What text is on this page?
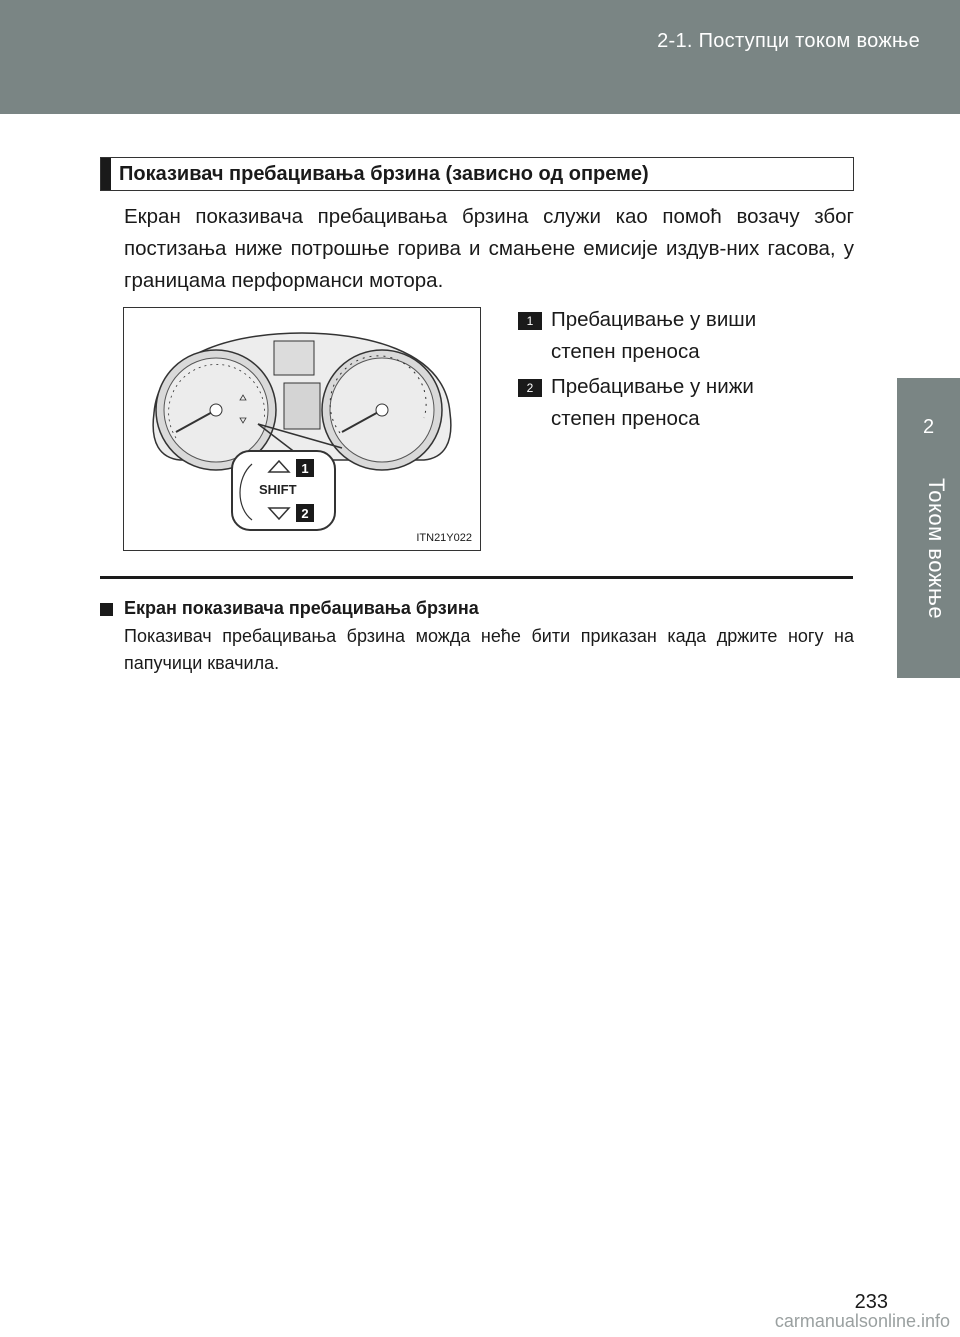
2-1. Поступци током вожње
2
Током вожње
Показивач пребацивања брзина (зависно од опреме)
Екран показивача пребацивања брзина служи као помоћ возачу због постизања ниже потрошње горива и смањене емисије издув-них гасова, у границама перформанси мотора.
SHIFT
1
2
ITN21Y022
1 Пребацивање у виши степен преноса
2 Пребацивање у нижи степен преноса
Екран показивача пребацивања брзина
Показивач пребацивања брзина можда неће бити приказан када држите ногу на папучици квачила.
233
carmanualsonline.info
